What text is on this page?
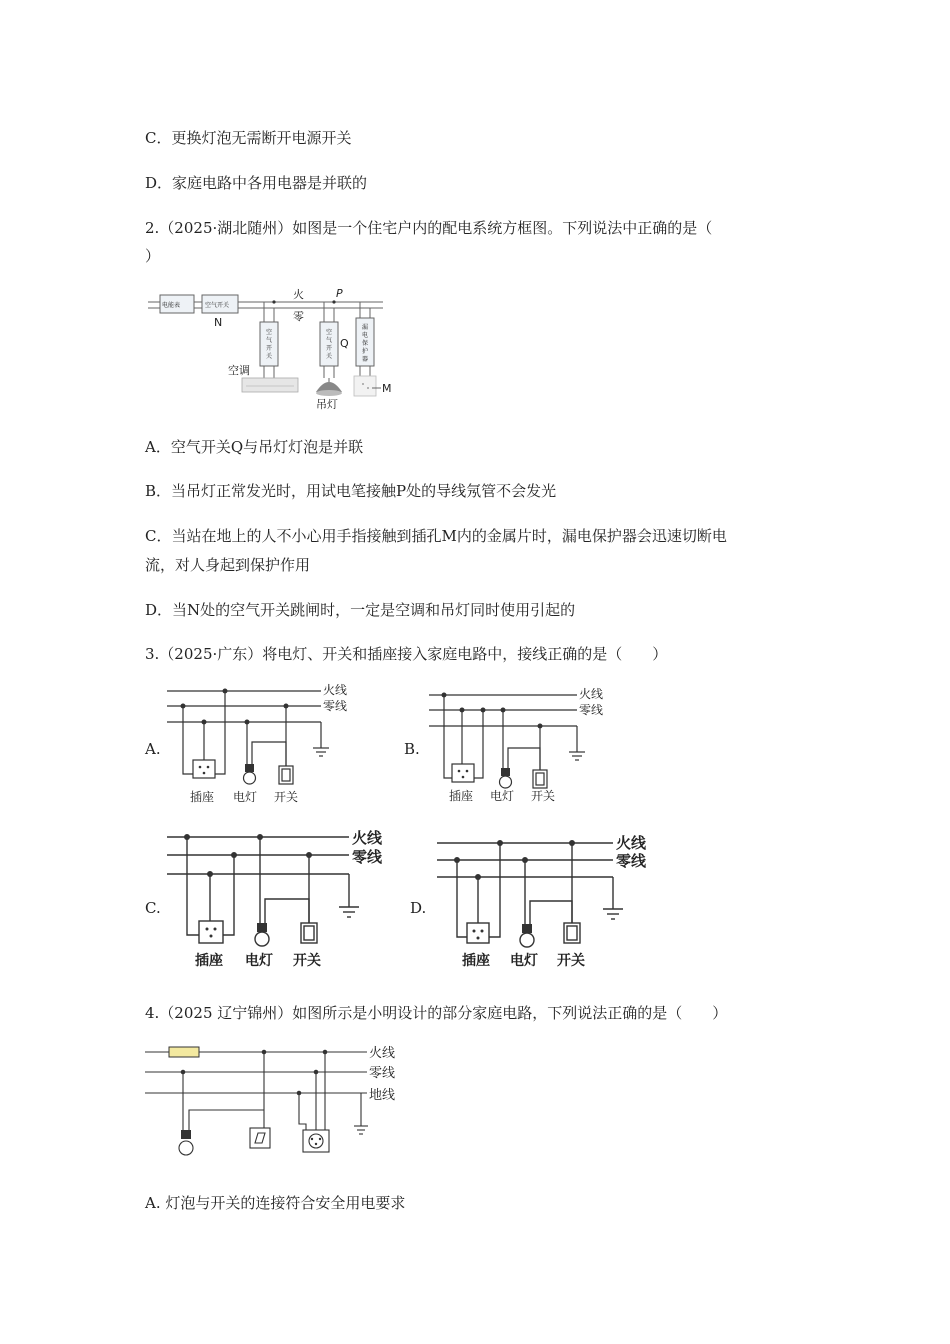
C．更换灯泡无需断开电源开关
D．家庭电路中各用电器是并联的
2.（2025·湖北随州）如图是一个住宅户内的配电系统方框图。下列说法中正确的是（
）
电能表	空气开关
N
火
零
P
Q
空气开关
空气开关
漏电保护器
空调
吊灯
M
A．空气开关Q与吊灯灯泡是并联
B．当吊灯正常发光时，用试电笔接触P处的导线氖管不会发光
C．当站在地上的人不小心用手指接触到插孔M内的金属片时，漏电保护器会迅速切断电
流，对人身起到保护作用
D．当N处的空气开关跳闸时，一定是空调和吊灯同时使用引起的
3.（2025·广东）将电灯、开关和插座接入家庭电路中，接线正确的是（　　）
A.	B.
C.	D.
火线
零线
插座 电灯 开关
火线
零线
插座 电灯 开关
火线
零线
插座 电灯 开关
火线
零线
插座 电灯 开关
4.（2025 辽宁锦州）如图所示是小明设计的部分家庭电路，下列说法正确的是（　　）
火线
零线
地线
A. 灯泡与开关的连接符合安全用电要求
